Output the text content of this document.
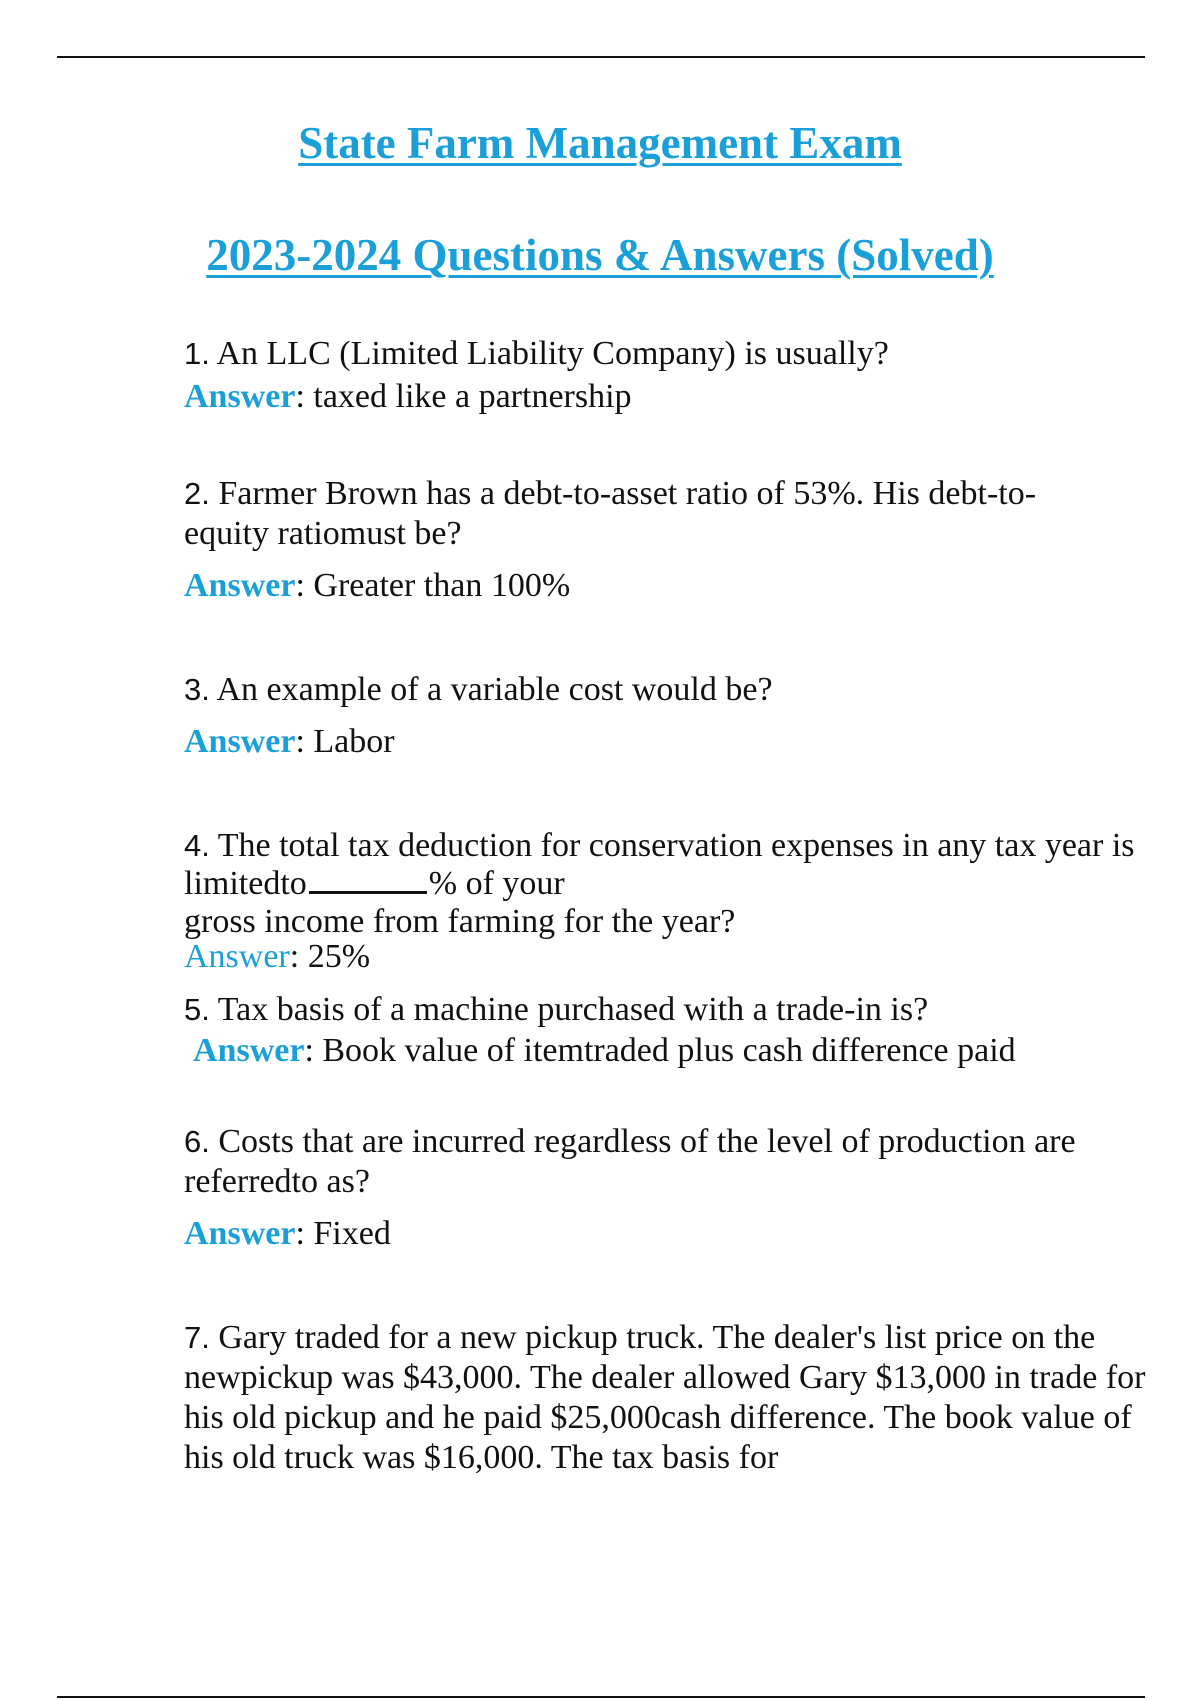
State Farm Management Exam
2023-2024 Questions & Answers (Solved)

1. An LLC (Limited Liability Company) is usually?

Answer: taxed like a partnership

2. Farmer Brown has a debt-to-asset ratio of 53%. His debt-to-equity ratiomust be?

Answer: Greater than 100%

3. An example of a variable cost would be?

Answer: Labor

4. The total tax deduction for conservation expenses in any tax year is limitedto	% of your
gross income from farming for the year?

Answer: 25%

5. Tax basis of a machine purchased with a trade-in is?

Answer: Book value of itemtraded plus cash difference paid

6. Costs that are incurred regardless of the level of production are referredto as?

Answer: Fixed

7. Gary traded for a new pickup truck. The dealer's list price on the newpickup was $43,000. The dealer allowed Gary $13,000 in trade for his old pickup and he paid $25,000cash difference. The book value of his old truck was $16,000. The tax basis for
